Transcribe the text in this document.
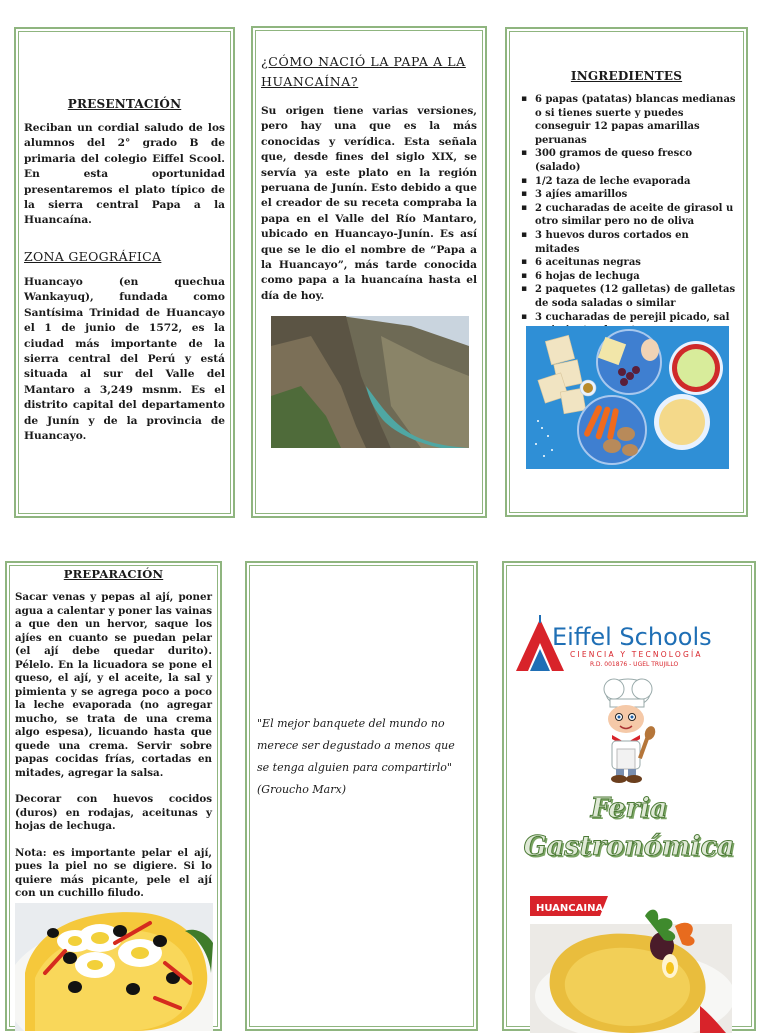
PRESENTACIÓN
Reciban un cordial saludo de los alumnos del 2° grado B de primaria del colegio Eiffel Scool. En esta oportunidad presentaremos el plato típico de la sierra central Papa a la Huancaína.
ZONA GEOGRÁFICA
Huancayo (en quechua Wankayuq), fundada como Santísima Trinidad de Huancayo el 1 de junio de 1572, es la ciudad más importante de la sierra central del Perú y está situada al sur del Valle del Mantaro a 3,249 msnm. Es el distrito capital del departamento de Junín y de la provincia de Huancayo.
¿CÓMO NACIÓ LA PAPA A LA HUANCAÍNA?
Su origen tiene varias versiones, pero hay una que es la más conocidas y verídica. Esta señala que, desde fines del siglo XIX, se servía ya este plato en la región peruana de Junín. Esto debido a que el creador de su receta compraba la papa en el Valle del Río Mantaro, ubicado en Huancayo-Junín. Es así que se le dio el nombre de “Papa a la Huancayo”, más tarde conocida como papa a la huancaína hasta el día de hoy.
INGREDIENTES
▪ 6 papas (patatas) blancas medianas o si tienes suerte y puedes conseguir 12 papas amarillas peruanas
▪ 300 gramos de queso fresco (salado)
▪ 1/2 taza de leche evaporada
▪ 3 ajíes amarillos
▪ 2 cucharadas de aceite de girasol u otro similar pero no de oliva
▪ 3 huevos duros cortados en mitades
▪ 6 aceitunas negras
▪ 6 hojas de lechuga
▪ 2 paquetes (12 galletas) de galletas de soda saladas o similar
▪ 3 cucharadas de perejil picado, sal
PREPARACIÓN

Sacar venas y pepas al ají, poner agua a calentar y poner las vainas a que den un hervor, saque los ajíes en cuanto se puedan pelar (el ají debe quedar durito). Pélelo. En la licuadora se pone el queso, el ají, y el aceite, la sal y pimienta y se agrega poco a poco la leche evaporada (no agregar mucho, se trata de una crema algo espesa), licuando hasta que quede una crema. Servir sobre papas cocidas frías, cortadas en mitades, agregar la salsa.

Decorar con huevos cocidos (duros) en rodajas, aceitunas y hojas de lechuga.

Nota: es importante pelar el ají, pues la piel no se digiere. Si lo quiere más picante, pele el ají con un cuchillo filudo.

"El mejor banquete del mundo no merece ser degustado a menos que se tenga alguien para compartirlo" (Groucho Marx)
Eiffel Schools
CIENCIA Y TECNOLOGÍA
R.D. 001876 - UGEL TRUJILLO
Feria
Gastronómica
HUANCAINA
